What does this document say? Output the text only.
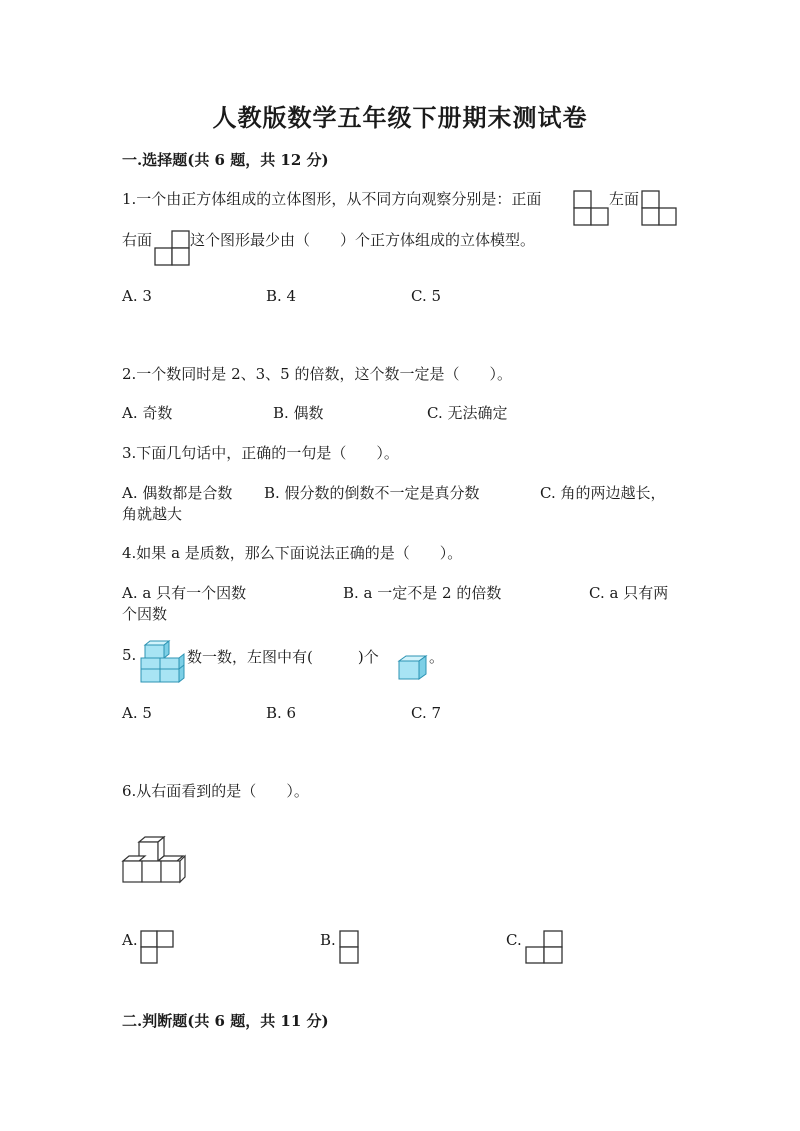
人教版数学五年级下册期末测试卷
一.选择题(共 6 题，共 12 分)
1.一个由正方体组成的立体图形，从不同方向观察分别是：正面	左面
右面	这个图形最少由（　　）个正方体组成的立体模型。
A. 3	B. 4	C. 5
2.一个数同时是 2、3、5 的倍数，这个数一定是（　　）。
A. 奇数	B. 偶数	C. 无法确定
3.下面几句话中，正确的一句是（　　）。
A. 偶数都是合数 B. 假分数的倒数不一定是真分数	C. 角的两边越长，
角就越大
4.如果 a 是质数，那么下面说法正确的是（　　）。
A. a 只有一个因数	B. a 一定不是 2 的倍数	C. a 只有两
个因数
5.	数一数，左图中有(　　　)个	。
A. 5	B. 6	C. 7
6.从右面看到的是（　　）。
A.	B.	C.
二.判断题(共 6 题，共 11 分)
